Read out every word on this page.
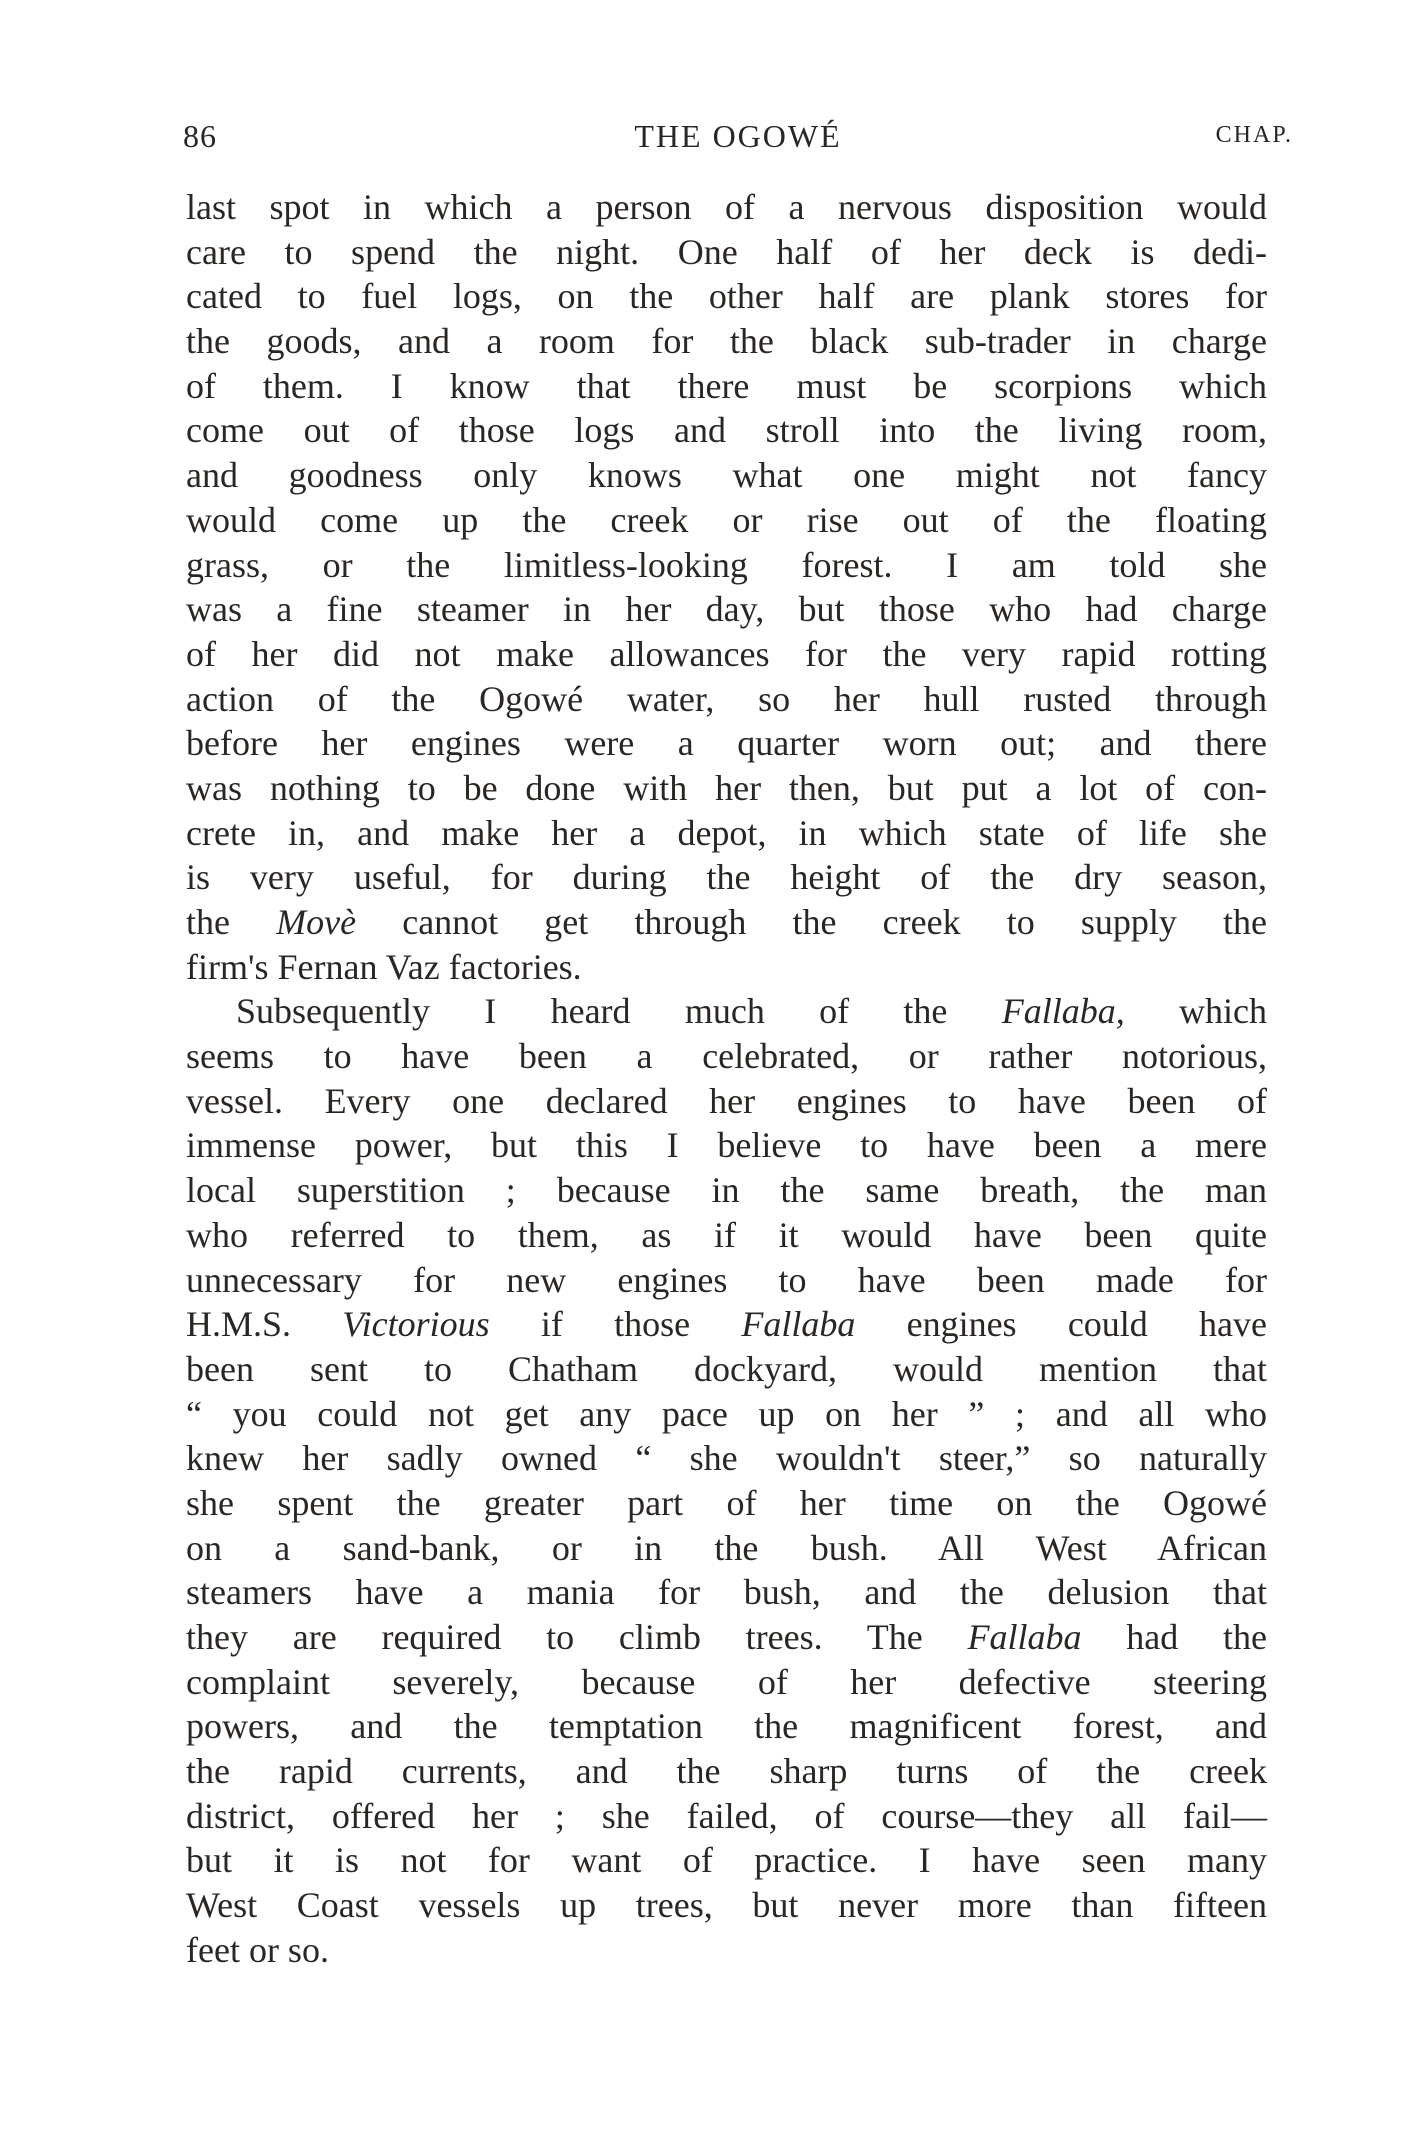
86	THE OGOWÉ	CHAP.
last spot in which a person of a nervous disposition would
care to spend the night. One half of her deck is dedi-
cated to fuel logs, on the other half are plank stores for
the goods, and a room for the black sub-trader in charge
of them. I know that there must be scorpions which
come out of those logs and stroll into the living room,
and goodness only knows what one might not fancy
would come up the creek or rise out of the floating
grass, or the limitless-looking forest. I am told she
was a fine steamer in her day, but those who had charge
of her did not make allowances for the very rapid rotting
action of the Ogowé water, so her hull rusted through
before her engines were a quarter worn out; and there
was nothing to be done with her then, but put a lot of con-
crete in, and make her a depot, in which state of life she
is very useful, for during the height of the dry season,
the Movè cannot get through the creek to supply the
firm's Fernan Vaz factories.
Subsequently I heard much of the Fallaba, which
seems to have been a celebrated, or rather notorious,
vessel. Every one declared her engines to have been of
immense power, but this I believe to have been a mere
local superstition ; because in the same breath, the man
who referred to them, as if it would have been quite
unnecessary for new engines to have been made for
H.M.S. Victorious if those Fallaba engines could have
been sent to Chatham dockyard, would mention that
“ you could not get any pace up on her ” ; and all who
knew her sadly owned “ she wouldn't steer,” so naturally
she spent the greater part of her time on the Ogowé
on a sand-bank, or in the bush. All West African
steamers have a mania for bush, and the delusion that
they are required to climb trees. The Fallaba had the
complaint severely, because of her defective steering
powers, and the temptation the magnificent forest, and
the rapid currents, and the sharp turns of the creek
district, offered her ; she failed, of course—they all fail—
but it is not for want of practice. I have seen many
West Coast vessels up trees, but never more than fifteen
feet or so.
